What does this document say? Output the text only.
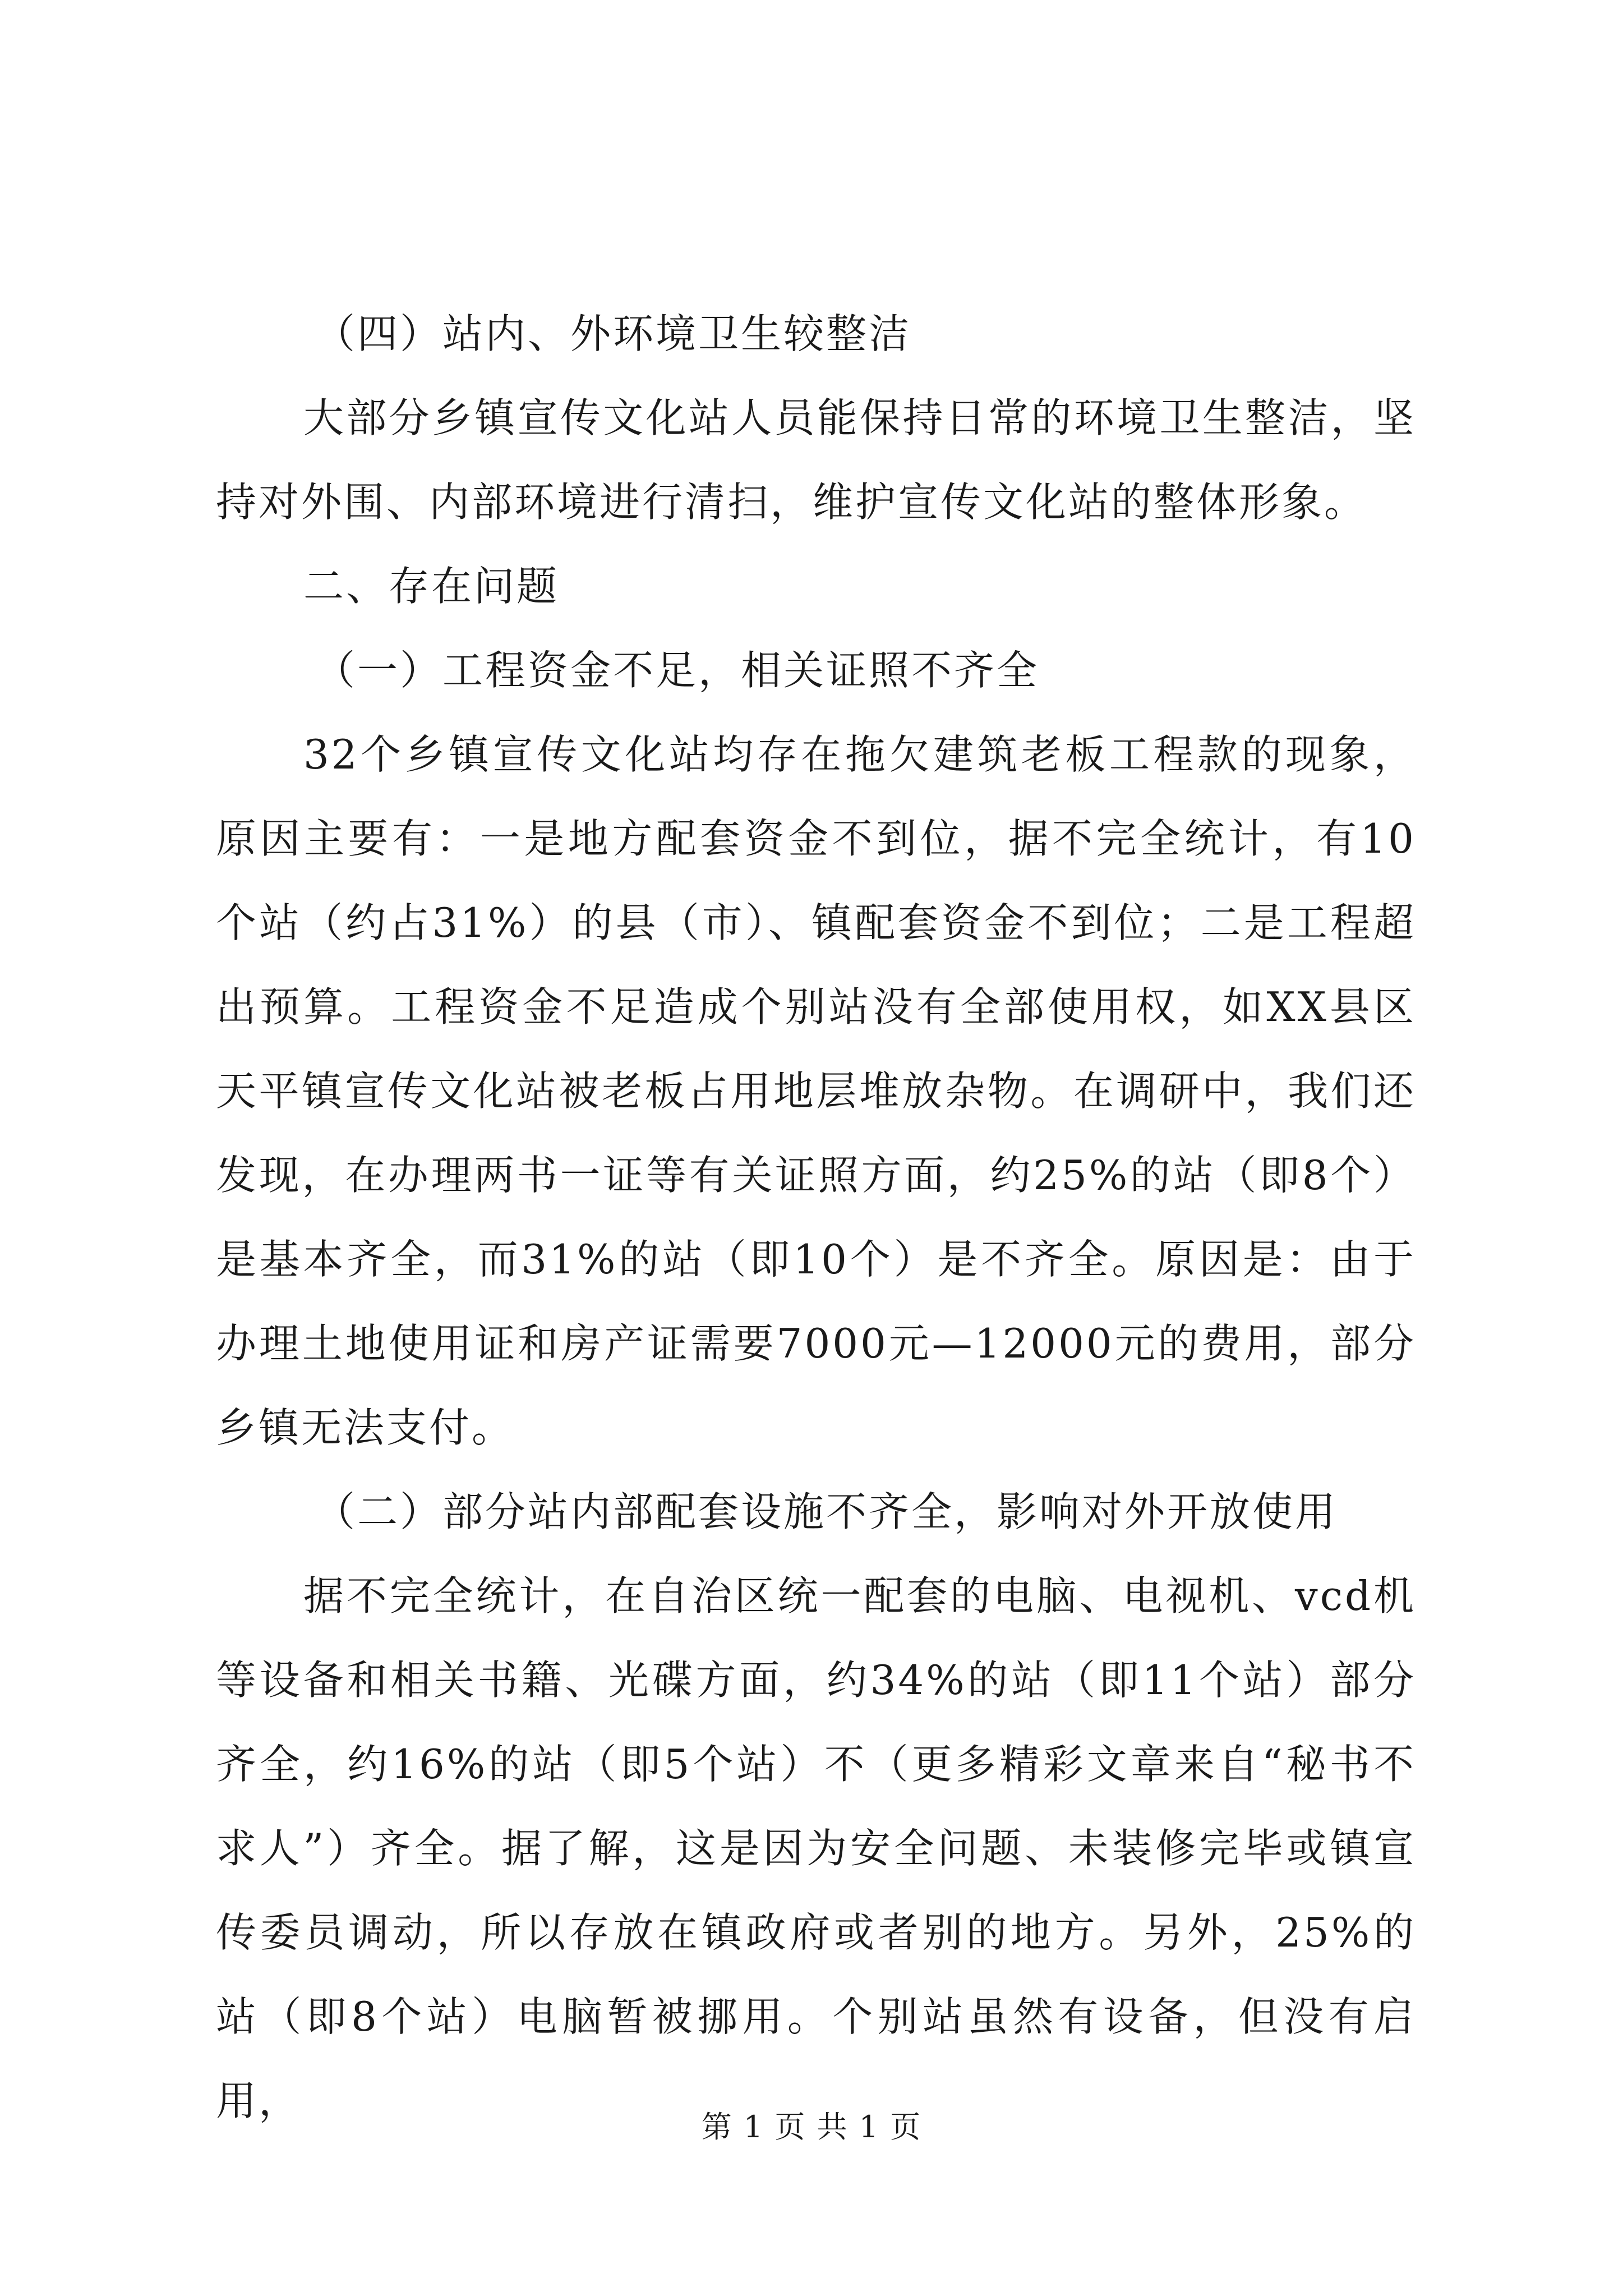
（四）站内、外环境卫生较整洁

大部分乡镇宣传文化站人员能保持日常的环境卫生整洁，坚持对外围、内部环境进行清扫，维护宣传文化站的整体形象。

二、存在问题

（一）工程资金不足，相关证照不齐全

32个乡镇宣传文化站均存在拖欠建筑老板工程款的现象，原因主要有：一是地方配套资金不到位，据不完全统计，有10个站（约占31%）的县（市）、镇配套资金不到位；二是工程超出预算。工程资金不足造成个别站没有全部使用权，如XX县区天平镇宣传文化站被老板占用地层堆放杂物。在调研中，我们还发现，在办理两书一证等有关证照方面，约25%的站（即8个）是基本齐全，而31%的站（即10个）是不齐全。原因是：由于办理土地使用证和房产证需要7000元—12000元的费用，部分乡镇无法支付。

（二）部分站内部配套设施不齐全，影响对外开放使用

据不完全统计，在自治区统一配套的电脑、电视机、vcd机等设备和相关书籍、光碟方面，约34%的站（即11个站）部分齐全，约16%的站（即5个站）不（更多精彩文章来自“秘书不求人”）齐全。据了解，这是因为安全问题、未装修完毕或镇宣传委员调动，所以存放在镇政府或者别的地方。另外，25%的站（即8个站）电脑暂被挪用。个别站虽然有设备，但没有启用，

第 1 页 共 1 页
